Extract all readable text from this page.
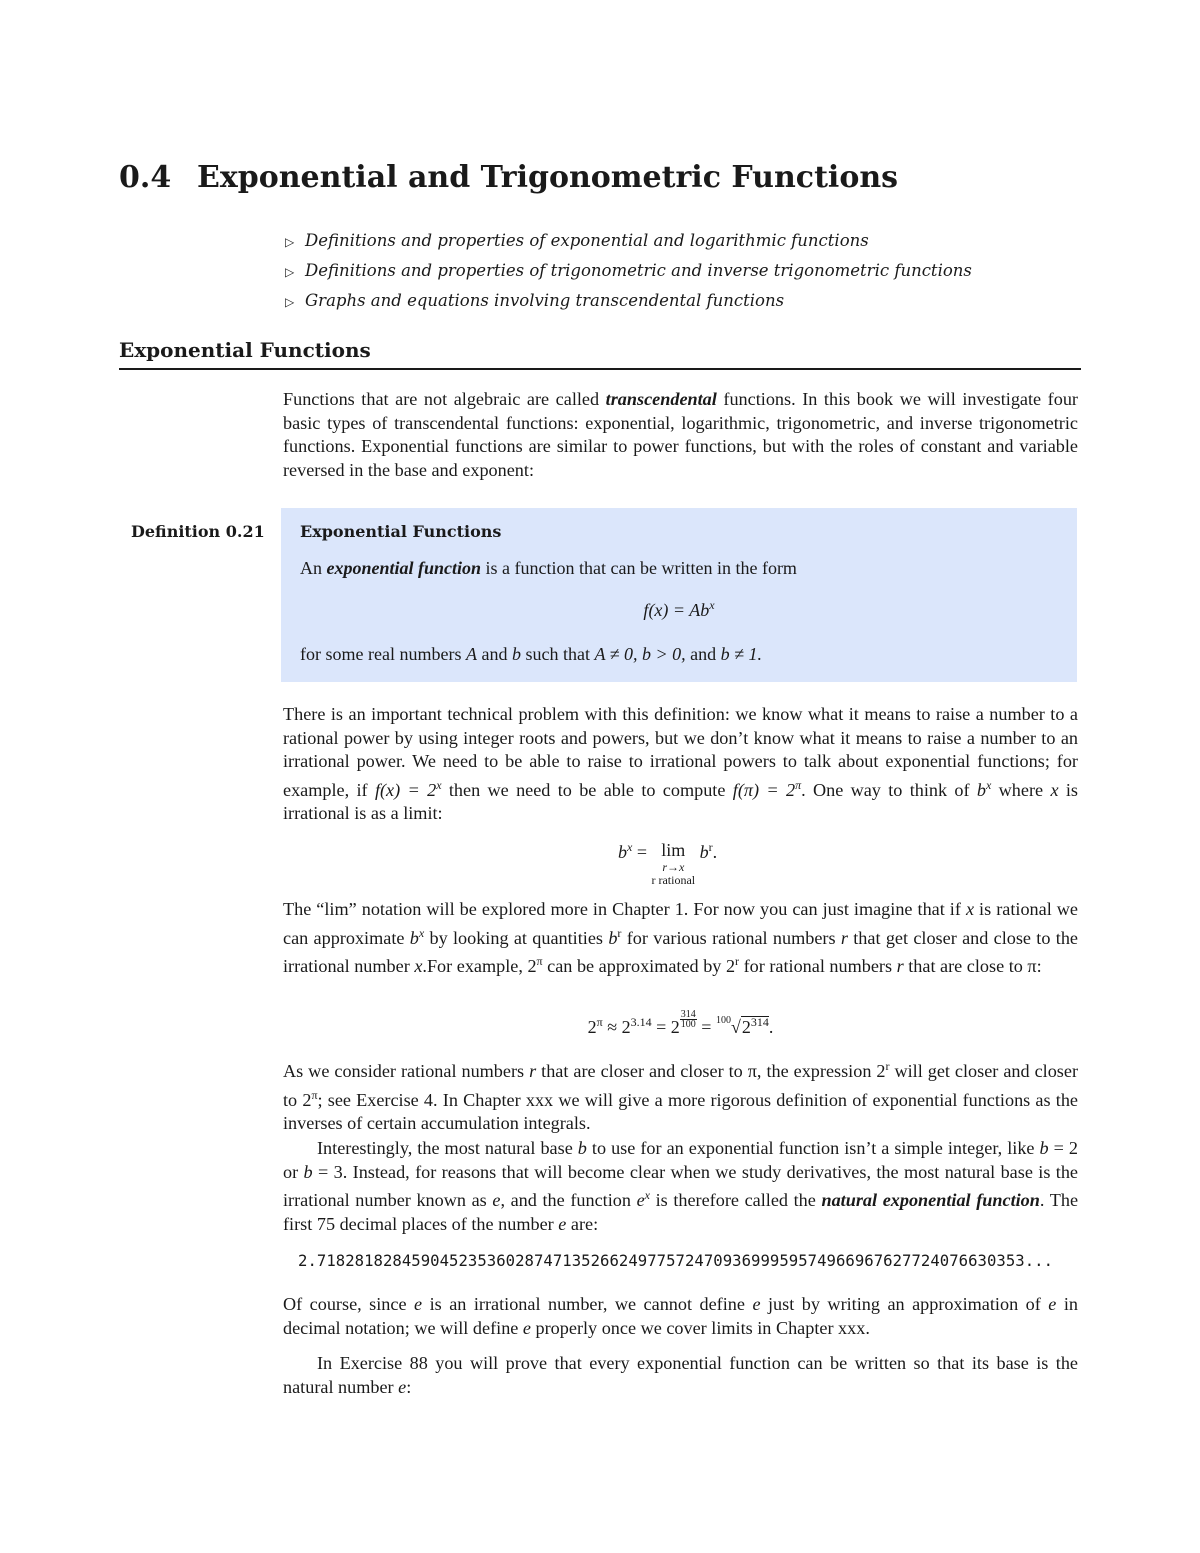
0.4 Exponential and Trigonometric Functions
▷ Definitions and properties of exponential and logarithmic functions
▷ Definitions and properties of trigonometric and inverse trigonometric functions
▷ Graphs and equations involving transcendental functions
Exponential Functions
Functions that are not algebraic are called transcendental functions. In this book we will investigate four basic types of transcendental functions: exponential, logarithmic, trigonometric, and inverse trigonometric functions. Exponential functions are similar to power functions, but with the roles of constant and variable reversed in the base and exponent:
Definition 0.21 Exponential Functions
An exponential function is a function that can be written in the form
$f(x) = Ab^x$
for some real numbers A and b such that A ≠ 0, b > 0, and b ≠ 1.
There is an important technical problem with this definition: we know what it means to raise a number to a rational power by using integer roots and powers, but we don’t know what it means to raise a number to an irrational power. We need to be able to raise to irrational powers to talk about exponential functions; for example, if $f(x) = 2^x$ then we need to be able to compute $f(\pi) = 2^\pi$. One way to think of $b^x$ where x is irrational is as a limit:
$b^x = \lim$
r→x
r rational
$b^r$.
The “lim” notation will be explored more in Chapter 1. For now you can just imagine that if x is rational we can approximate $b^x$ by looking at quantities $b^r$ for various rational numbers r that get closer and close to the irrational number x.For example, $2^\pi$ can be approximated by 2$^r$ for rational numbers r that are close to π:
$2^\pi \approx 2^{3.14} = 2 \frac{314}{100} = ^{100}√2^{314}$.
As we consider rational numbers r that are closer and closer to π, the expression 2$^r$ will get closer and closer to $2^\pi$; see Exercise 4. In Chapter xxx we will give a more rigorous definition of exponential functions as the inverses of certain accumulation integrals.
Interestingly, the most natural base b to use for an exponential function isn’t a simple integer, like b = 2 or b = 3. Instead, for reasons that will become clear when we study derivatives, the most natural base is the irrational number known as e, and the function $e^x$ is therefore called the natural exponential function. The first 75 decimal places of the number e are:
2.718281828459045235360287471352662497757247093699959574966967627724076630353...
Of course, since e is an irrational number, we cannot define e just by writing an approximation of e in decimal notation; we will define e properly once we cover limits in Chapter xxx.
In Exercise 88 you will prove that every exponential function can be written so that its base is the natural number e:
